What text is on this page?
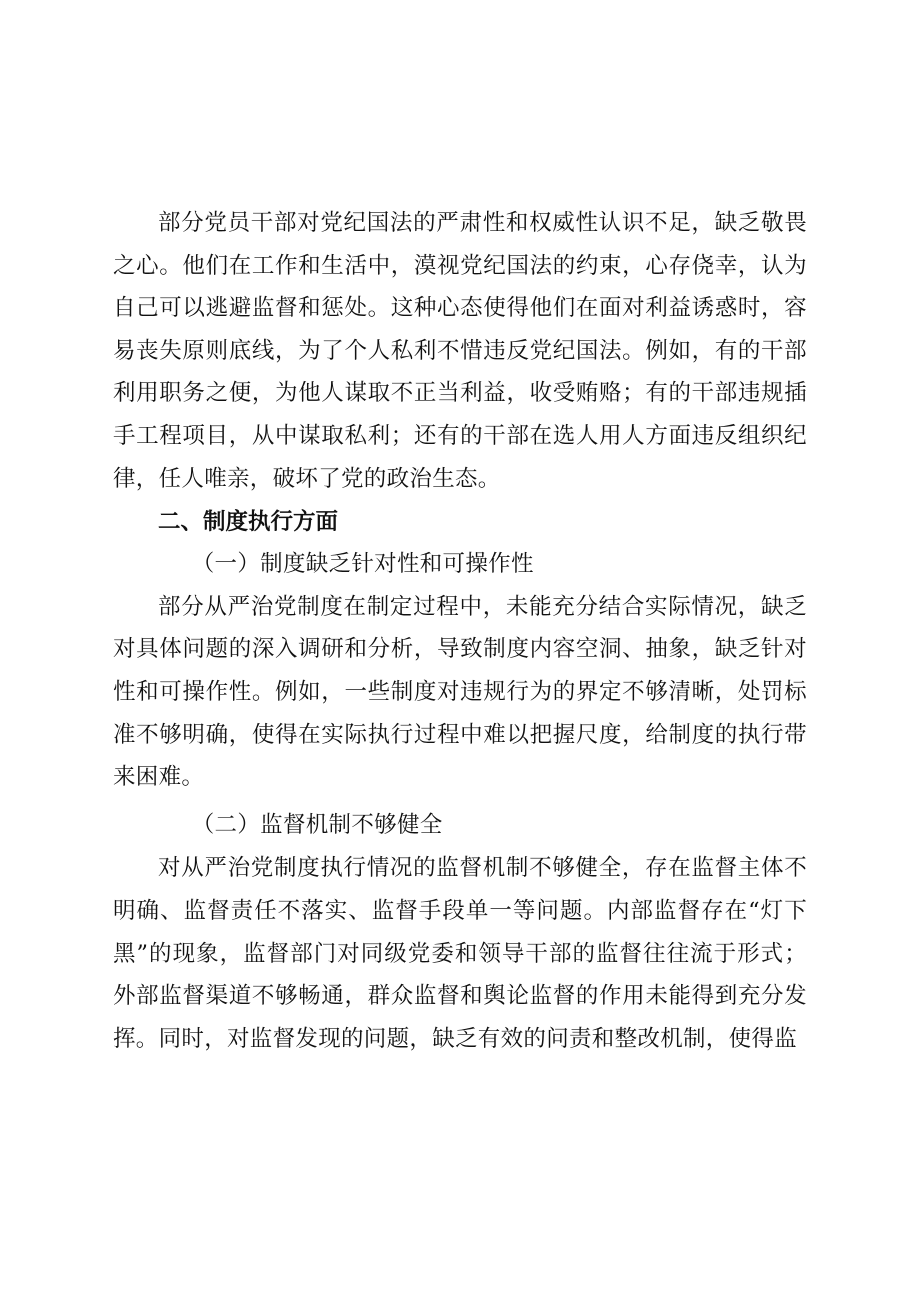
部分党员干部对党纪国法的严肃性和权威性认识不足，缺乏敬畏之心。他们在工作和生活中，漠视党纪国法的约束，心存侥幸，认为自己可以逃避监督和惩处。这种心态使得他们在面对利益诱惑时，容易丧失原则底线，为了个人私利不惜违反党纪国法。例如，有的干部利用职务之便，为他人谋取不正当利益，收受贿赂；有的干部违规插手工程项目，从中谋取私利；还有的干部在选人用人方面违反组织纪律，任人唯亲，破坏了党的政治生态。

二、制度执行方面

（一）制度缺乏针对性和可操作性

部分从严治党制度在制定过程中，未能充分结合实际情况，缺乏对具体问题的深入调研和分析，导致制度内容空洞、抽象，缺乏针对性和可操作性。例如，一些制度对违规行为的界定不够清晰，处罚标准不够明确，使得在实际执行过程中难以把握尺度，给制度的执行带来困难。

（二）监督机制不够健全

对从严治党制度执行情况的监督机制不够健全，存在监督主体不明确、监督责任不落实、监督手段单一等问题。内部监督存在“灯下黑”的现象，监督部门对同级党委和领导干部的监督往往流于形式；外部监督渠道不够畅通，群众监督和舆论监督的作用未能得到充分发挥。同时，对监督发现的问题，缺乏有效的问责和整改机制，使得监
